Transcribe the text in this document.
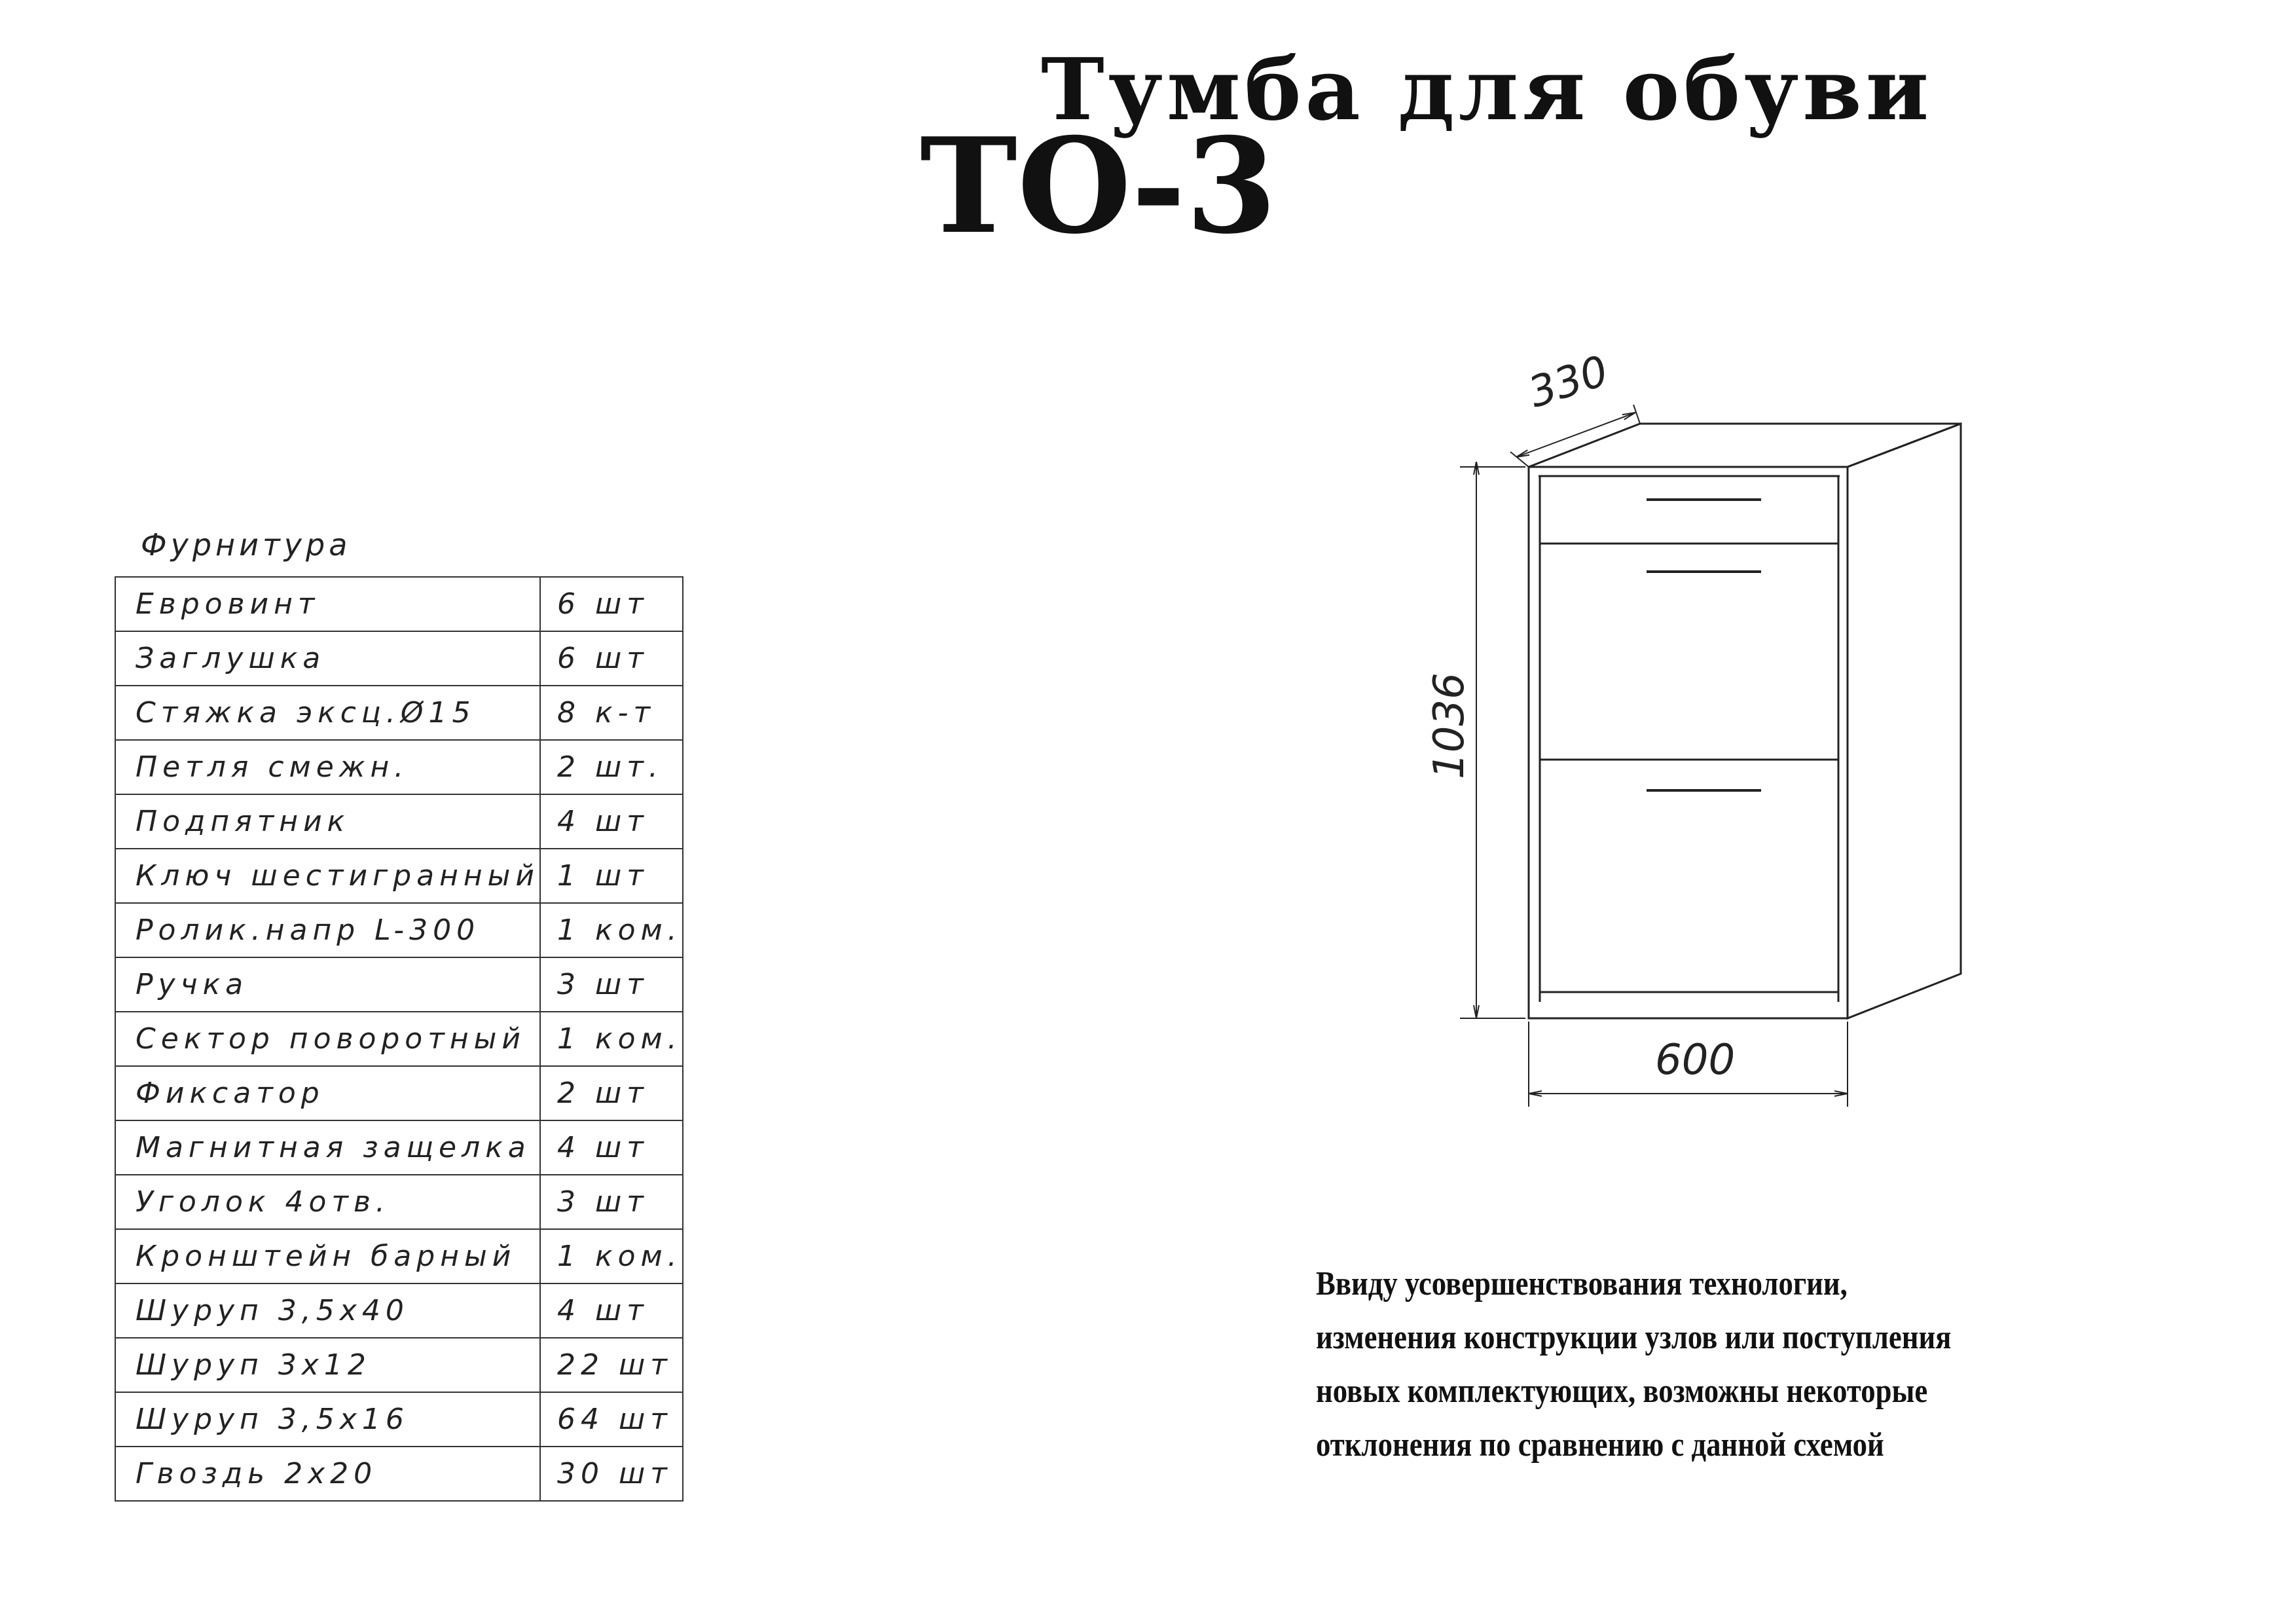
Тумба для обуви
ТО-3
Фурнитура
Евровинт	6 шт
Заглушка	6 шт
Стяжка эксц.Ø15	8 к-т
Петля смежн.	2 шт.
Подпятник	4 шт
Ключ шестигранный	1 шт
Ролик.напр L-300	1 ком.
Ручка	3 шт
Сектор поворотный	1 ком.
Фиксатор	2 шт
Магнитная защелка	4 шт
Уголок 4отв.	3 шт
Кронштейн барный	1 ком.
Шуруп 3,5х40	4 шт
Шуруп 3х12	22 шт
Шуруп 3,5х16	64 шт
Гвоздь 2х20	30 шт
330
1036
600
Ввиду усовершенствования технологии,
изменения конструкции узлов или поступления
новых комплектующих, возможны некоторые
отклонения по сравнению с данной схемой
